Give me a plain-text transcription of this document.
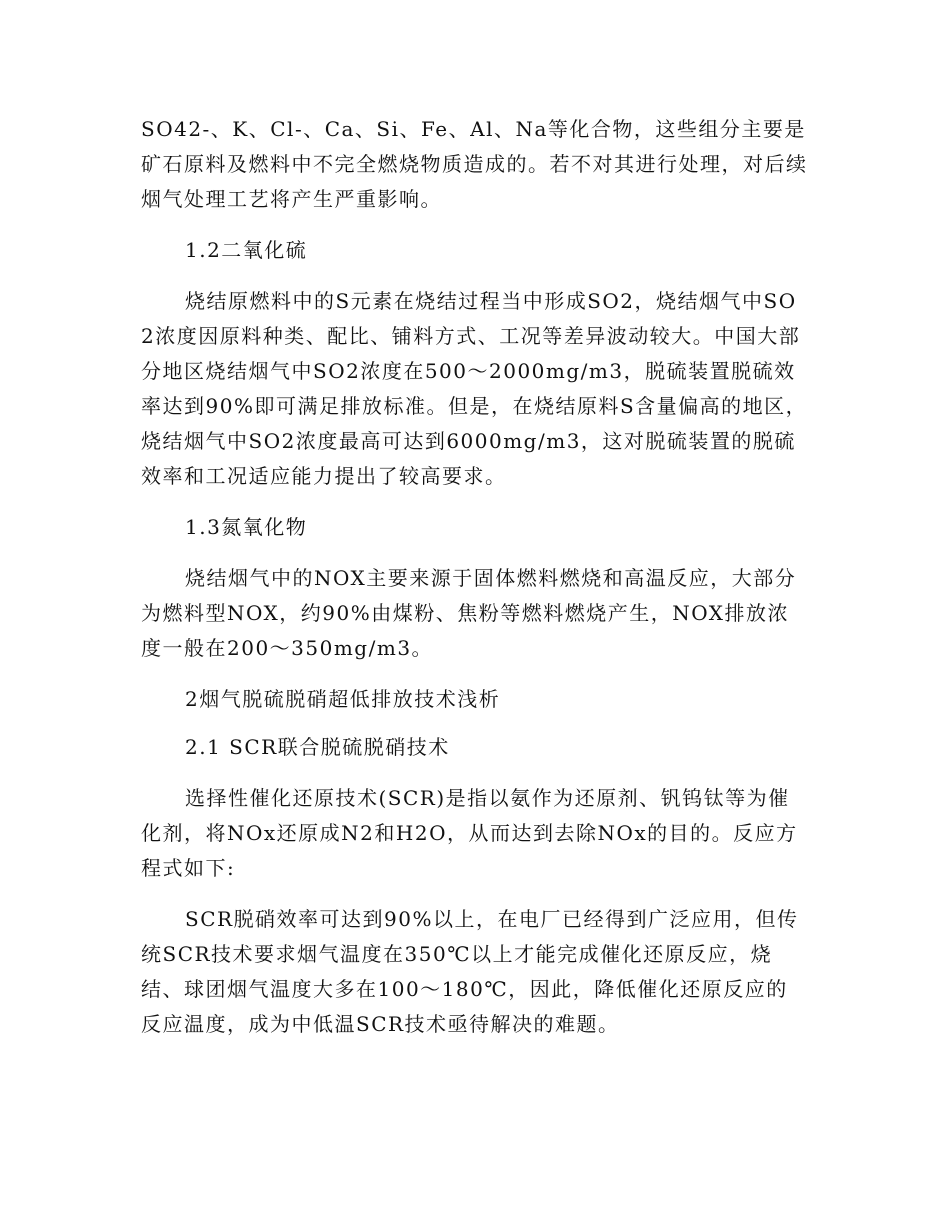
SO42-、K、Cl-、Ca、Si、Fe、Al、Na等化合物，这些组分主要是矿石原料及燃料中不完全燃烧物质造成的。若不对其进行处理，对后续烟气处理工艺将产生严重影响。

1.2二氧化硫

烧结原燃料中的S元素在烧结过程当中形成SO2，烧结烟气中SO2浓度因原料种类、配比、铺料方式、工况等差异波动较大。中国大部分地区烧结烟气中SO2浓度在500～2000mg/m3，脱硫装置脱硫效率达到90%即可满足排放标准。但是，在烧结原料S含量偏高的地区，烧结烟气中SO2浓度最高可达到6000mg/m3，这对脱硫装置的脱硫效率和工况适应能力提出了较高要求。

1.3氮氧化物

烧结烟气中的NOX主要来源于固体燃料燃烧和高温反应，大部分为燃料型NOX，约90%由煤粉、焦粉等燃料燃烧产生，NOX排放浓度一般在200～350mg/m3。

2烟气脱硫脱硝超低排放技术浅析

2.1 SCR联合脱硫脱硝技术

选择性催化还原技术(SCR)是指以氨作为还原剂、钒钨钛等为催化剂，将NOx还原成N2和H2O，从而达到去除NOx的目的。反应方程式如下:

SCR脱硝效率可达到90%以上，在电厂已经得到广泛应用，但传统SCR技术要求烟气温度在350℃以上才能完成催化还原反应，烧结、球团烟气温度大多在100～180℃，因此，降低催化还原反应的反应温度，成为中低温SCR技术亟待解决的难题。
